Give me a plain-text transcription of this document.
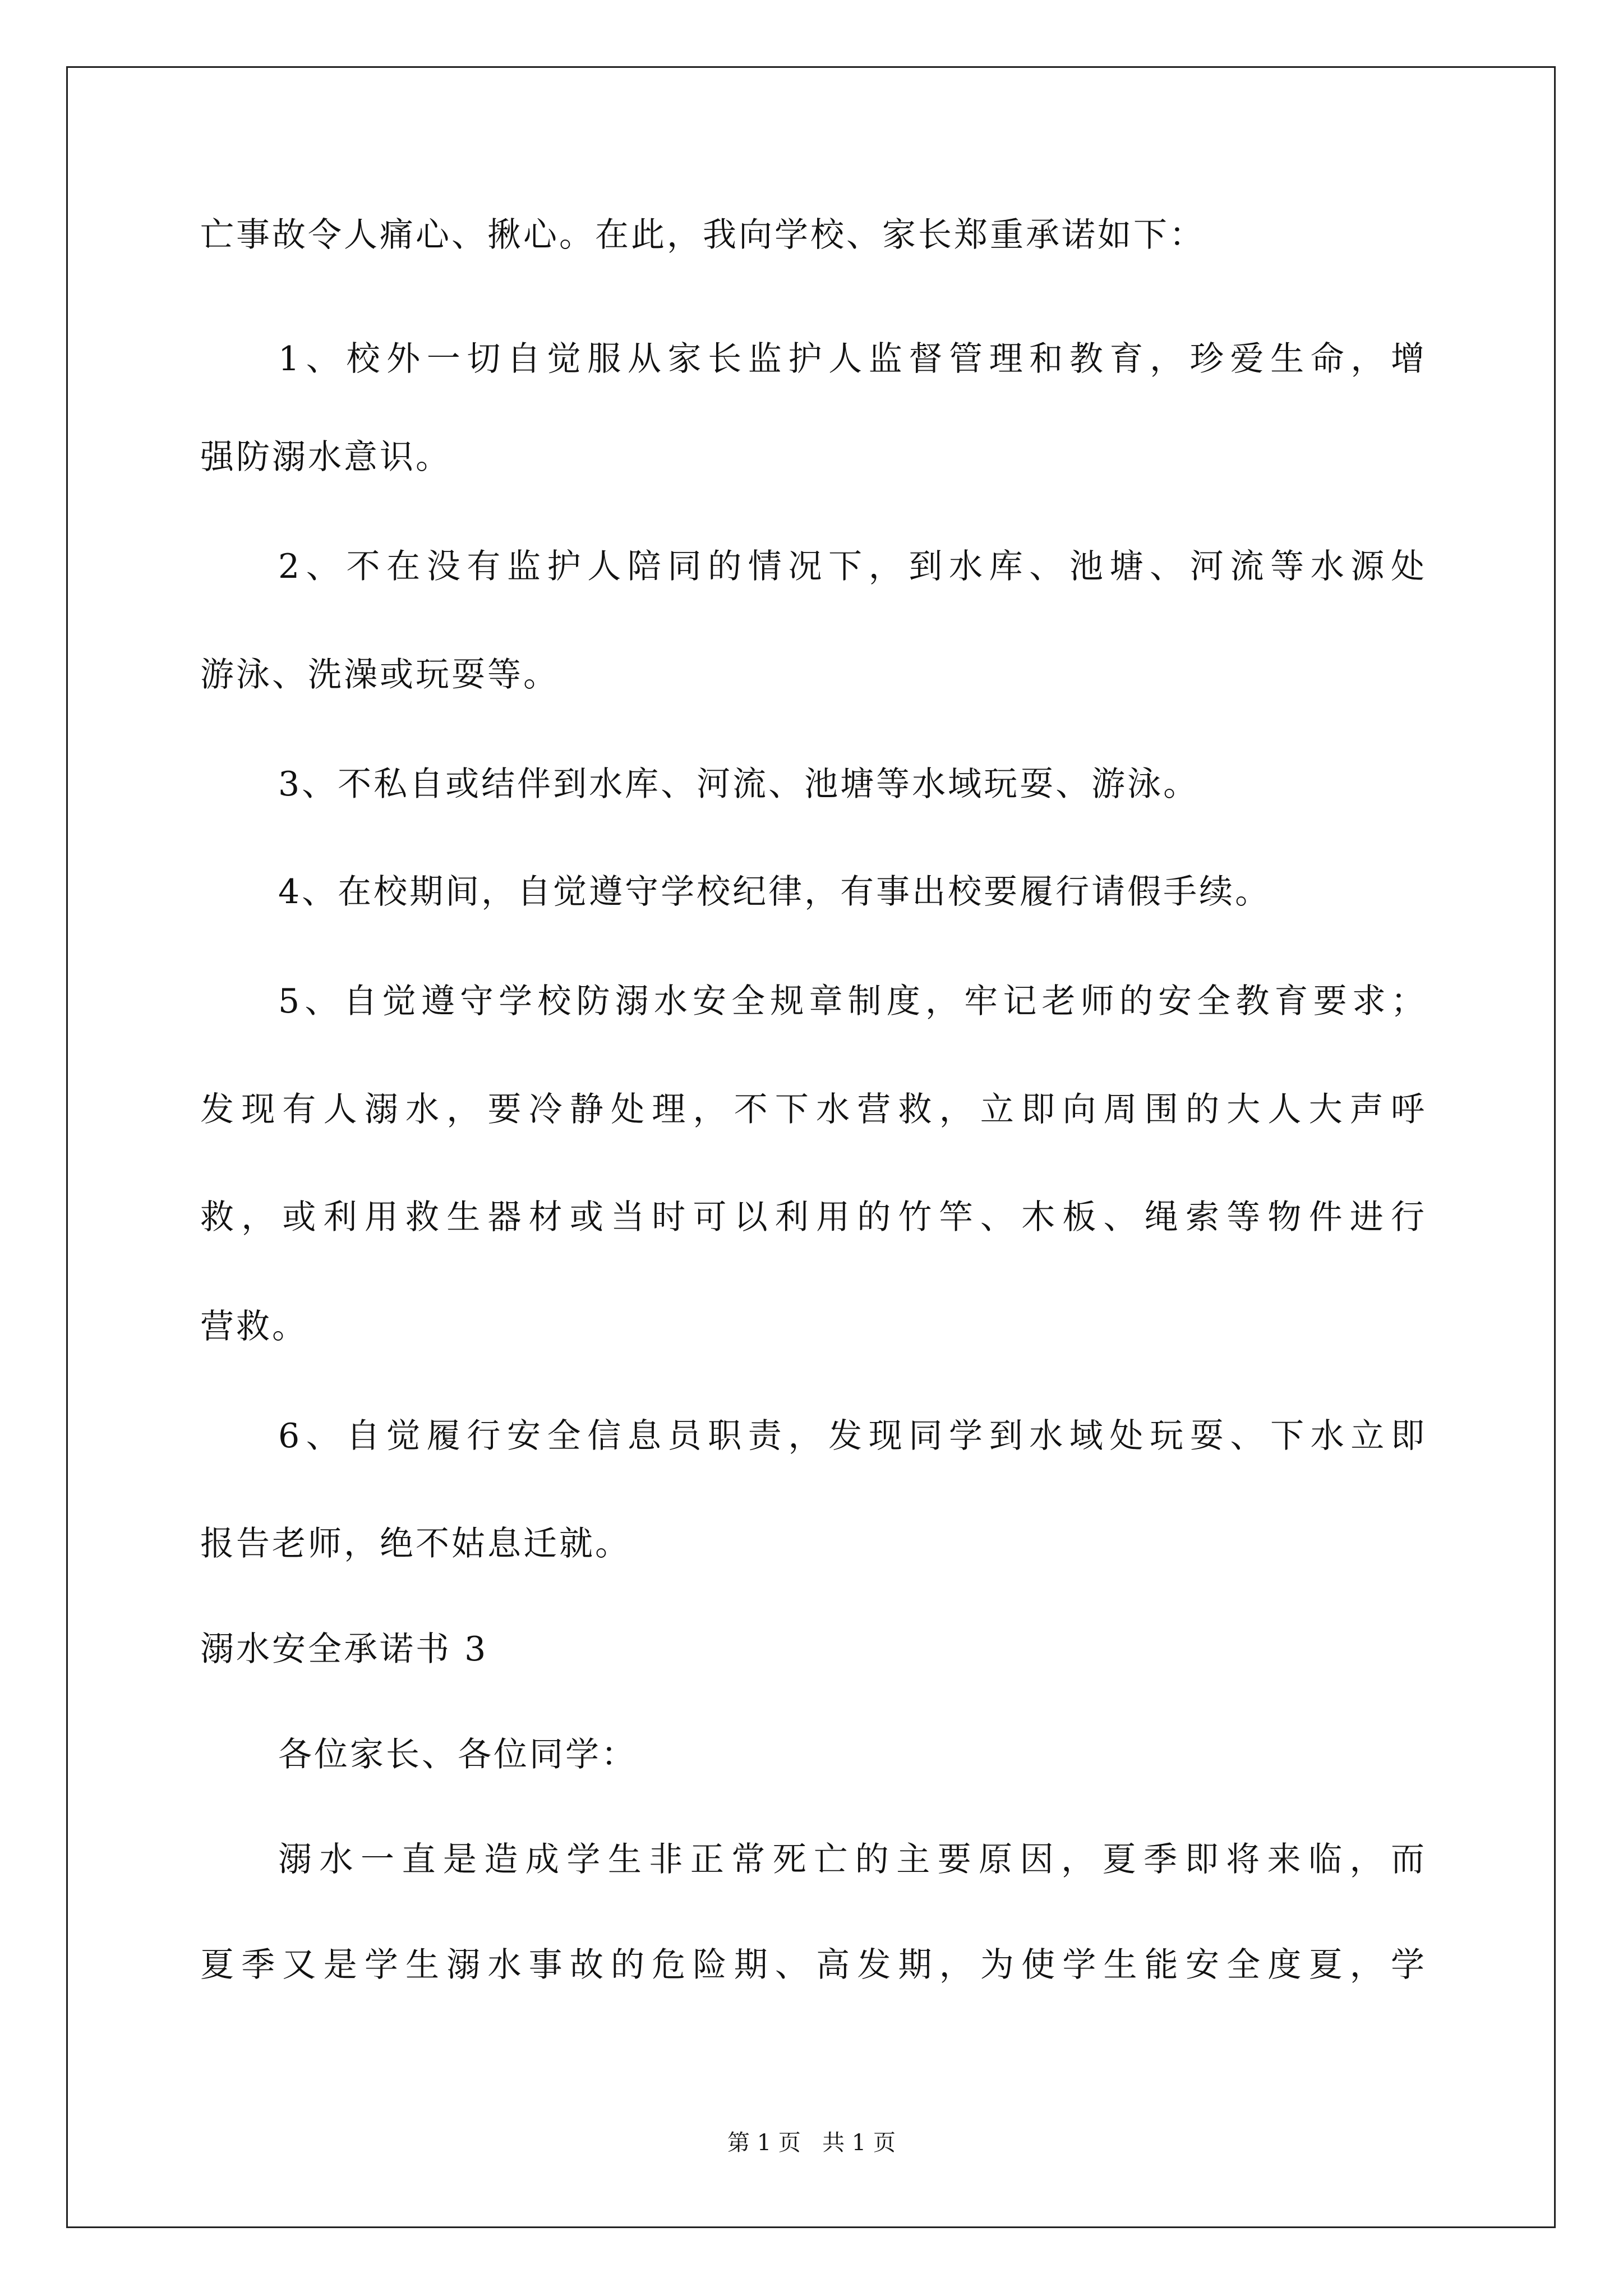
亡事故令人痛心、揪心。在此，我向学校、家长郑重承诺如下：
1、校外一切自觉服从家长监护人监督管理和教育，珍爱生命，增
强防溺水意识。
2、不在没有监护人陪同的情况下，到水库、池塘、河流等水源处
游泳、洗澡或玩耍等。
3、不私自或结伴到水库、河流、池塘等水域玩耍、游泳。
4、在校期间，自觉遵守学校纪律，有事出校要履行请假手续。
5、自觉遵守学校防溺水安全规章制度，牢记老师的安全教育要求；
发现有人溺水，要冷静处理，不下水营救，立即向周围的大人大声呼
救，或利用救生器材或当时可以利用的竹竿、木板、绳索等物件进行
营救。
6、自觉履行安全信息员职责，发现同学到水域处玩耍、下水立即
报告老师，绝不姑息迁就。
溺水安全承诺书 3
各位家长、各位同学：
溺水一直是造成学生非正常死亡的主要原因，夏季即将来临，而
夏季又是学生溺水事故的危险期、高发期，为使学生能安全度夏，学
第 1 页   共 1 页
